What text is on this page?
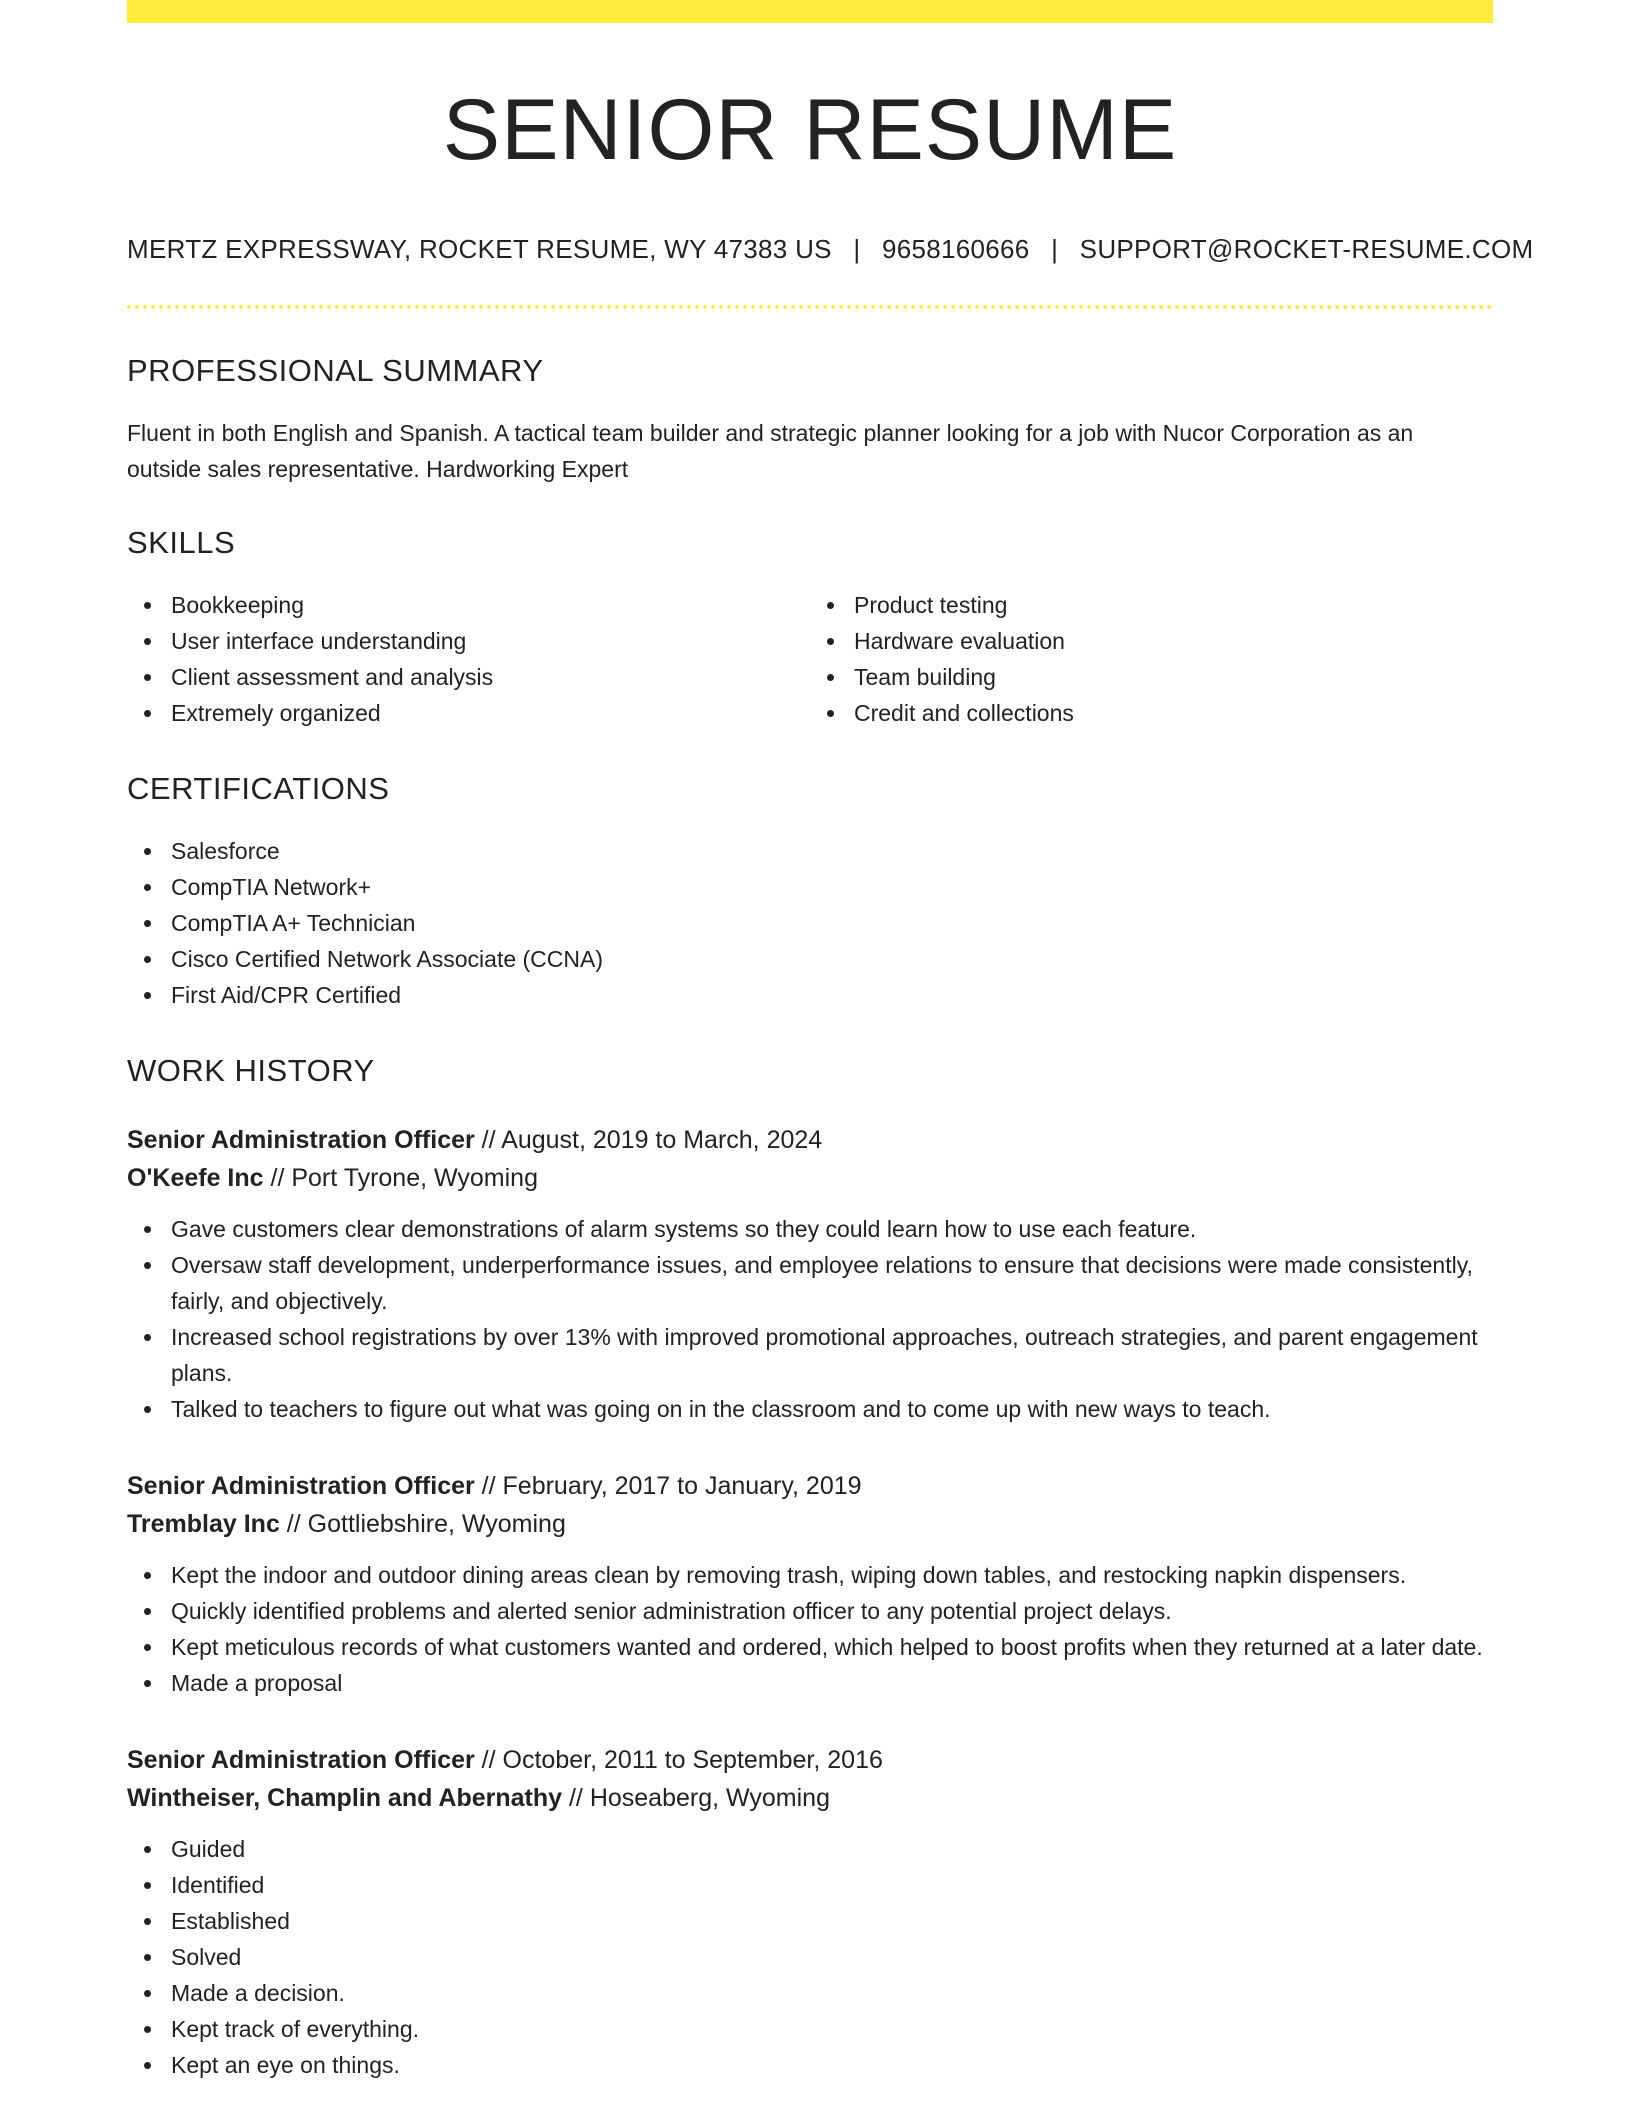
SENIOR RESUME
MERTZ EXPRESSWAY, ROCKET RESUME, WY 47383 US | 9658160666 | SUPPORT@ROCKET-RESUME.COM
PROFESSIONAL SUMMARY
Fluent in both English and Spanish. A tactical team builder and strategic planner looking for a job with Nucor Corporation as an outside sales representative. Hardworking Expert
SKILLS
Bookkeeping
User interface understanding
Client assessment and analysis
Extremely organized
Product testing
Hardware evaluation
Team building
Credit and collections
CERTIFICATIONS
Salesforce
CompTIA Network+
CompTIA A+ Technician
Cisco Certified Network Associate (CCNA)
First Aid/CPR Certified
WORK HISTORY
Senior Administration Officer // August, 2019 to March, 2024
O'Keefe Inc // Port Tyrone, Wyoming
Gave customers clear demonstrations of alarm systems so they could learn how to use each feature.
Oversaw staff development, underperformance issues, and employee relations to ensure that decisions were made consistently, fairly, and objectively.
Increased school registrations by over 13% with improved promotional approaches, outreach strategies, and parent engagement plans.
Talked to teachers to figure out what was going on in the classroom and to come up with new ways to teach.
Senior Administration Officer // February, 2017 to January, 2019
Tremblay Inc // Gottliebshire, Wyoming
Kept the indoor and outdoor dining areas clean by removing trash, wiping down tables, and restocking napkin dispensers.
Quickly identified problems and alerted senior administration officer to any potential project delays.
Kept meticulous records of what customers wanted and ordered, which helped to boost profits when they returned at a later date.
Made a proposal
Senior Administration Officer // October, 2011 to September, 2016
Wintheiser, Champlin and Abernathy // Hoseaberg, Wyoming
Guided
Identified
Established
Solved
Made a decision.
Kept track of everything.
Kept an eye on things.
